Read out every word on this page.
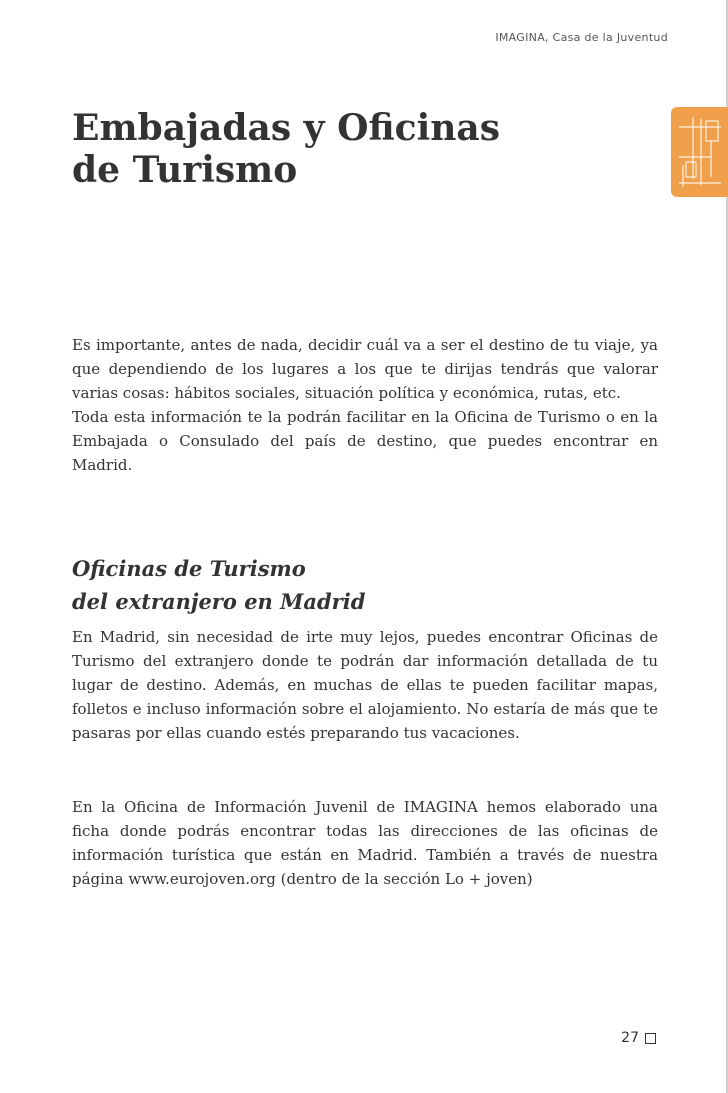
IMAGINA, Casa de la Juventud
Embajadas y Oficinas
de Turismo

Es importante, antes de nada, decidir cuál va a ser el destino de tu viaje, ya que dependiendo de los lugares a los que te dirijas tendrás que valorar varias cosas: hábitos sociales, situación política y económica, rutas, etc.

Toda esta información te la podrán facilitar en la Oficina de Turismo o en la Embajada o Consulado del país de destino, que puedes encontrar en Madrid.

Oficinas de Turismo
del extranjero en Madrid

En Madrid, sin necesidad de irte muy lejos, puedes encontrar Oficinas de Turismo del extranjero donde te podrán dar información detallada de tu lugar de destino. Además, en muchas de ellas te pueden facilitar mapas, folletos e incluso información sobre el alojamiento. No estaría de más que te pasaras por ellas cuando estés preparando tus vacaciones.

En la Oficina de Información Juvenil de IMAGINA hemos elaborado una ficha donde podrás encontrar todas las direcciones de las oficinas de información turística que están en Madrid. También a través de nuestra página www.eurojoven.org (dentro de la sección Lo + joven)

27
